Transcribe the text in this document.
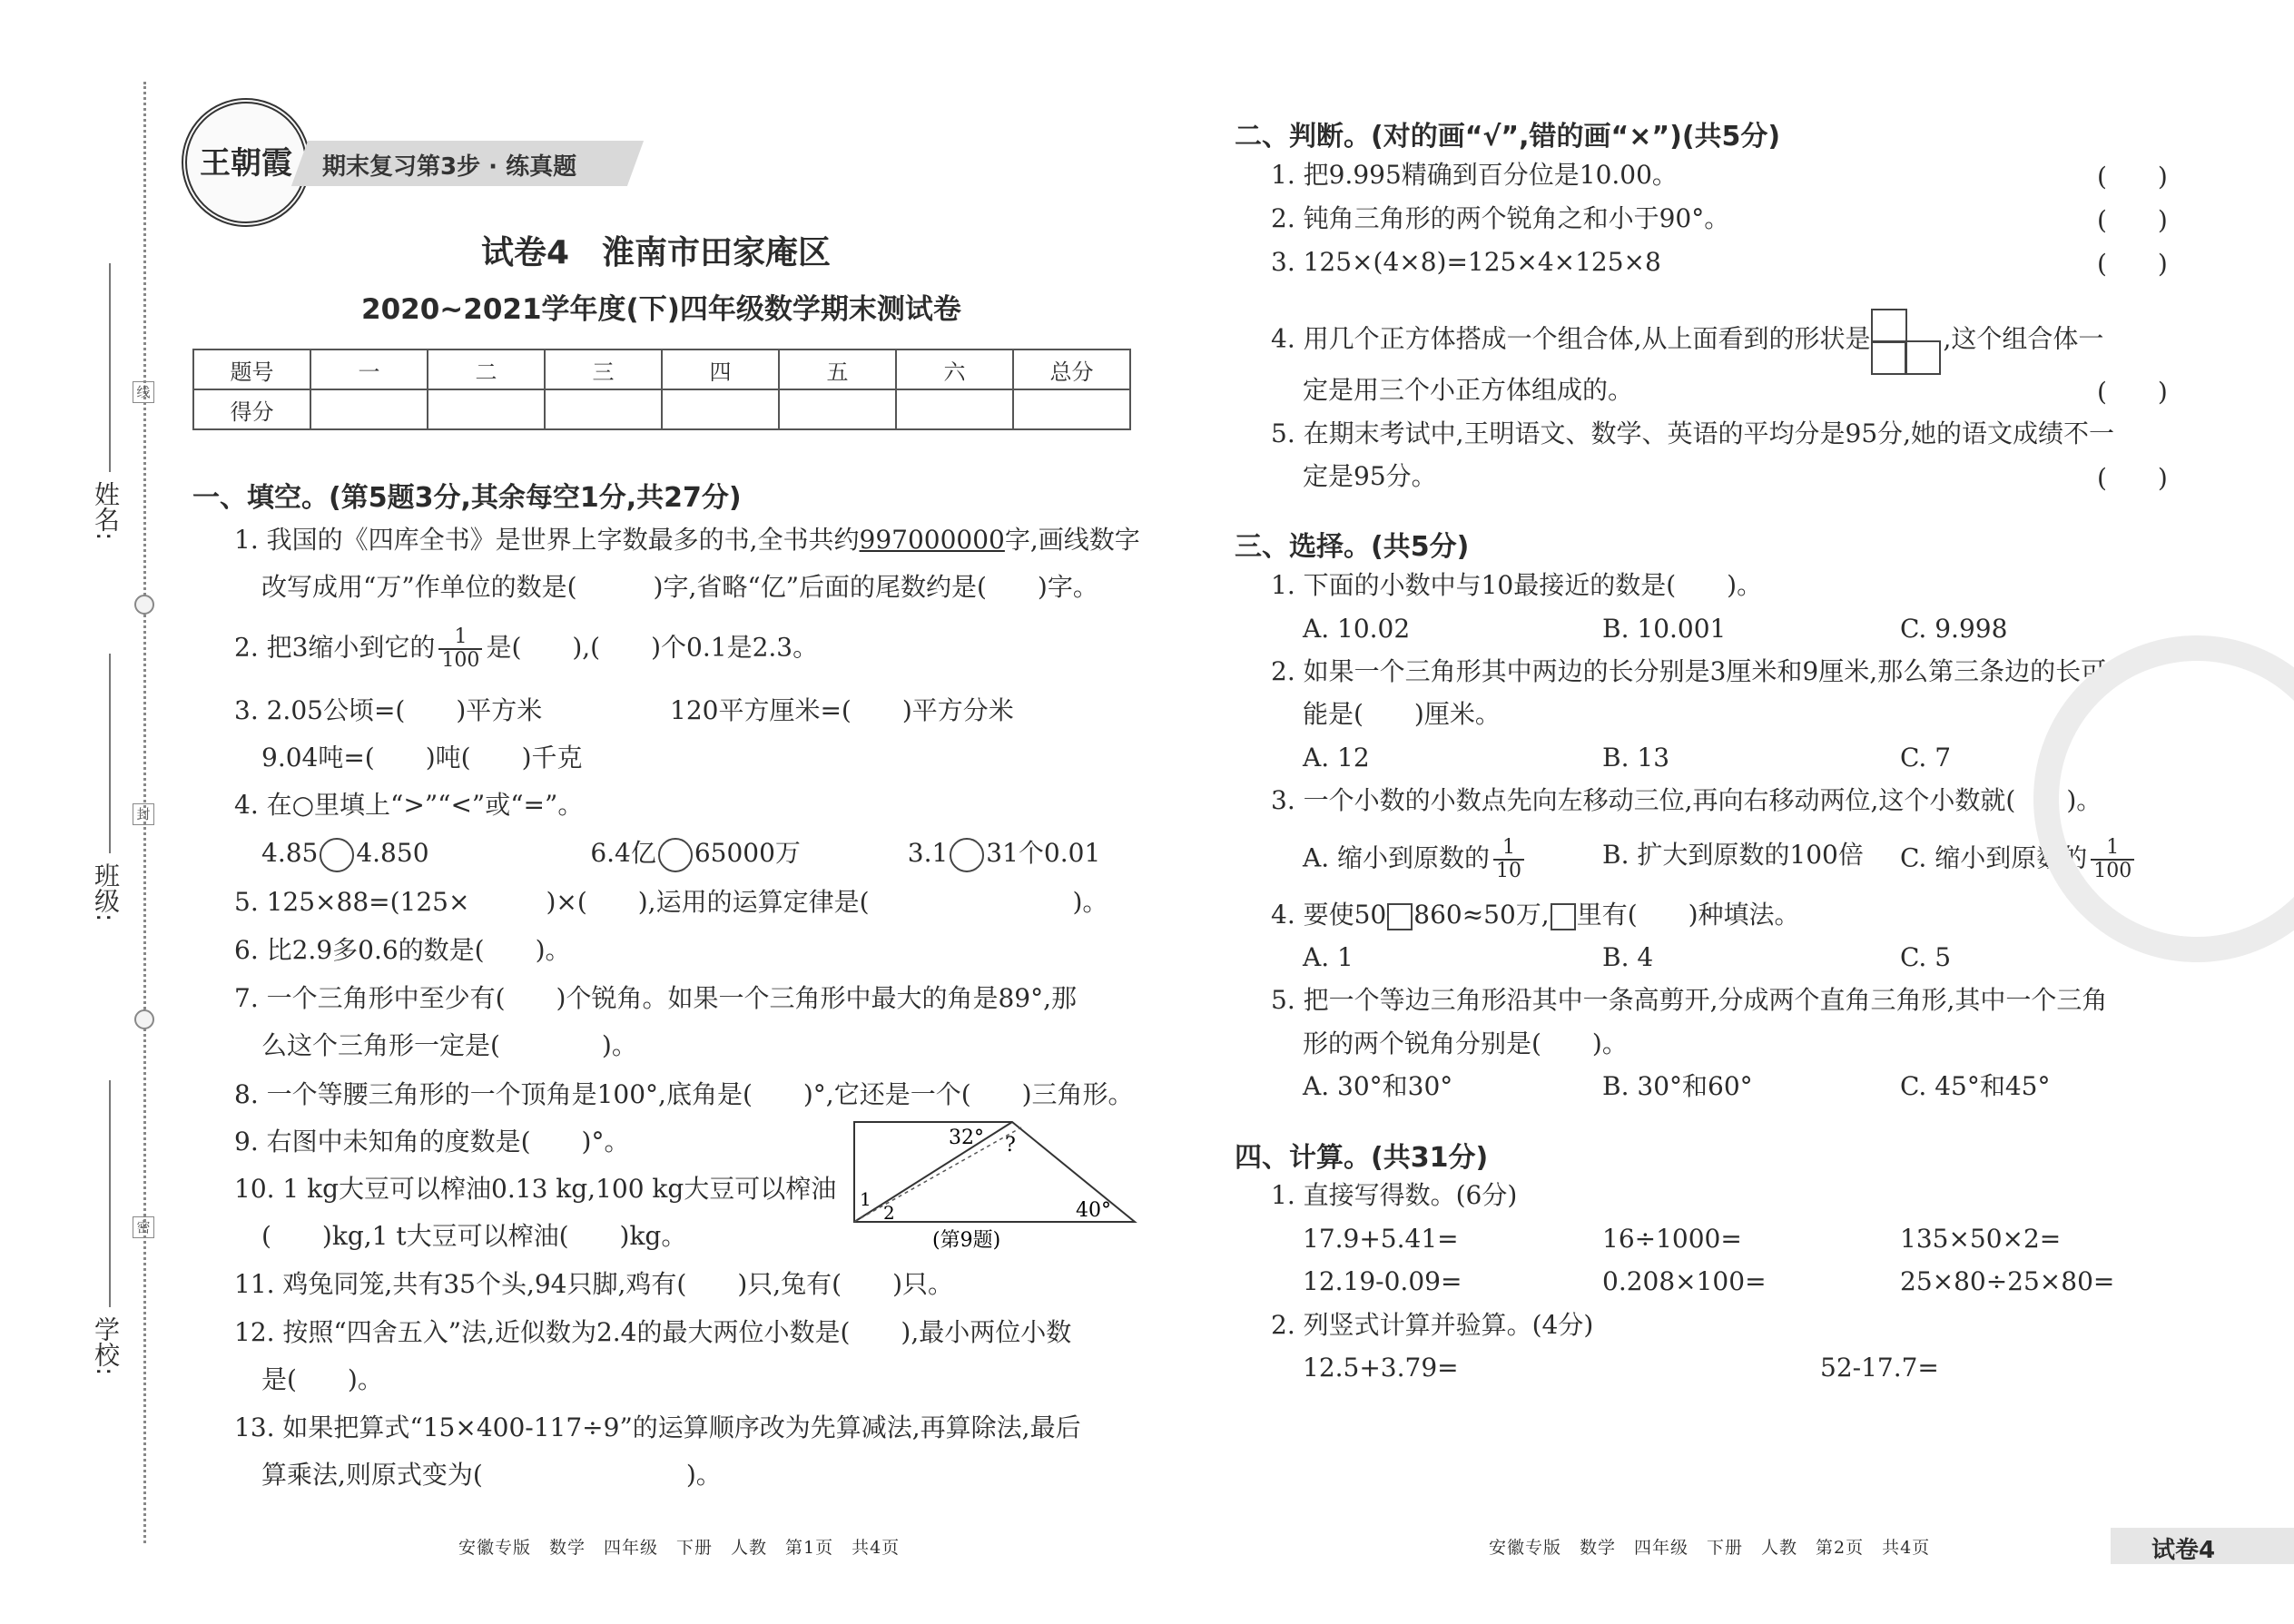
姓名:
班级:
学校:
线
封
密
王朝霞	期末复习第3步 · 练真题
试卷4　淮南市田家庵区
2020~2021学年度(下)四年级数学期末测试卷
题号	一	二	三	四	五	六	总分
得分							
一、填空。(第5题3分,其余每空1分,共27分)
1. 我国的《四库全书》是世界上字数最多的书,全书共约997000000字,画线数字
改写成用“万”作单位的数是(　　　)字,省略“亿”后面的尾数约是(　　)字。
2. 把3缩小到它的 $\frac{1}{100}$ 是(　　),(　　)个0.1是2.3。
3. 2.05公顷=(　　)平方米	120平方厘米=(　　)平方分米
9.04吨=(　　)吨(　　)千克
4. 在○里填上“>”“<”或“=”。
4.85 4.850	6.4亿 65000万	3.1 31个0.01
5. 125×88=(125×　　　)×(　　),运用的运算定律是(　　　　　　　　)。
6. 比2.9多0.6的数是(　　)。
7. 一个三角形中至少有(　　)个锐角。如果一个三角形中最大的角是89°,那
么这个三角形一定是(　　　　)。
8. 一个等腰三角形的一个顶角是100°,底角是(　　)°,它还是一个(　　)三角形。
9. 右图中未知角的度数是(　　)°。
10. 1 kg大豆可以榨油0.13 kg,100 kg大豆可以榨油
(　　)kg,1 t大豆可以榨油(　　)kg。
11. 鸡兔同笼,共有35个头,94只脚,鸡有(　　)只,兔有(　　)只。
12. 按照“四舍五入”法,近似数为2.4的最大两位小数是(　　),最小两位小数
是(　　)。
13. 如果把算式“15×400-117÷9”的运算顺序改为先算减法,再算除法,最后
算乘法,则原式变为(　　　　　　　　)。
32° ?
1
2	40°
(第9题)
二、判断。(对的画“√”,错的画“×”)(共5分)
1. 把9.995精确到百分位是10.00。	(　　)
2. 钝角三角形的两个锐角之和小于90°。	(　　)
3. 125×(4×8)=125×4×125×8	(　　)
4. 用几个正方体搭成一个组合体,从上面看到的形状是	,这个组合体一
定是用三个小正方体组成的。	(　　)
5. 在期末考试中,王明语文、数学、英语的平均分是95分,她的语文成绩不一
定是95分。	(　　)
三、选择。(共5分)
1. 下面的小数中与10最接近的数是(　　)。
A. 10.02	B. 10.001	C. 9.998
2. 如果一个三角形其中两边的长分别是3厘米和9厘米,那么第三条边的长可
能是(　　)厘米。
A. 12	B. 13	C. 7
3. 一个小数的小数点先向左移动三位,再向右移动两位,这个小数就(　　)。
A. 缩小到原数的 $\frac{1}{10}$	B. 扩大到原数的100倍 C. 缩小到原数的 $\frac{1}{100}$
4. 要使50 860≈50万, 里有(　　)种填法。
A. 1	B. 4	C. 5
5. 把一个等边三角形沿其中一条高剪开,分成两个直角三角形,其中一个三角
形的两个锐角分别是(　　)。
A. 30°和30°	B. 30°和60°	C. 45°和45°
四、计算。(共31分)
1. 直接写得数。(6分)
17.9+5.41=	16÷1000=	135×50×2=
12.19-0.09=	0.208×100=	25×80÷25×80=
2. 列竖式计算并验算。(4分)
12.5+3.79=	52-17.7=
安徽专版　数学　四年级　下册　人教　第1页　共4页	安徽专版　数学　四年级　下册　人教　第2页　共4页	试卷4
